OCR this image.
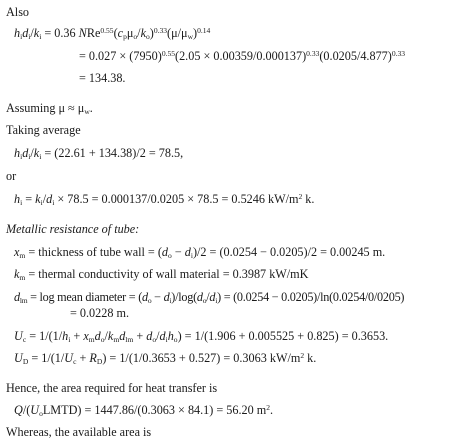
Also
$h_id_i/k_i = 0.36$ $NRe^{0.55}(c_p\mu_o/k_o)^{0.33}(\mu/\mu_w)^{0.14}$
= $0.027 \times (7950)^{0.55}(2.05 \times 0.00359/0.000137)^{0.33}(0.0205/4.877)^{0.33}$
= 134.38.
Assuming $\mu \approx \mu_w$.
Taking average
$h_id_i/k_i = (22.61 + 134.38)/2 = 78.5$,
or
$h_i = k_i/d_i \times 78.5 = 0.000137/0.0205 \times 78.5 = 0.5246$ $kW/m^2$ k.
Metallic resistance of tube:
$x_m$ = thickness of tube wall = $(d_o - d_i)/2 = (0.0254 - 0.0205)/2 = 0.00245$ m.
$k_m$ = thermal conductivity of wall material = 0.3987 kW/mK
$d_{lm} = \log$ mean diameter = $(d_o - d_i)/\log(d_o/d_i) = (0.0254 - 0.0205)/\ln(0.0254/0/0205)$
= 0.0228 m.
$U_c = 1/(1/h_i + x_md_o/k_md_{lm} + d_o/d_ih_o) = 1/(1.906 + 0.005525 + 0.825) = 0.3653$.
$U_D = 1/(1/U_c + R_D) = 1/(1/0.3653 + 0.527) = 0.3063$ $kW/m^2$ k.
Hence, the area required for heat transfer is
$Q/(U_oLMTD) = 1447.86/(0.3063 \times 84.1) = 56.20$ $m^2$.
Whereas, the available area is
